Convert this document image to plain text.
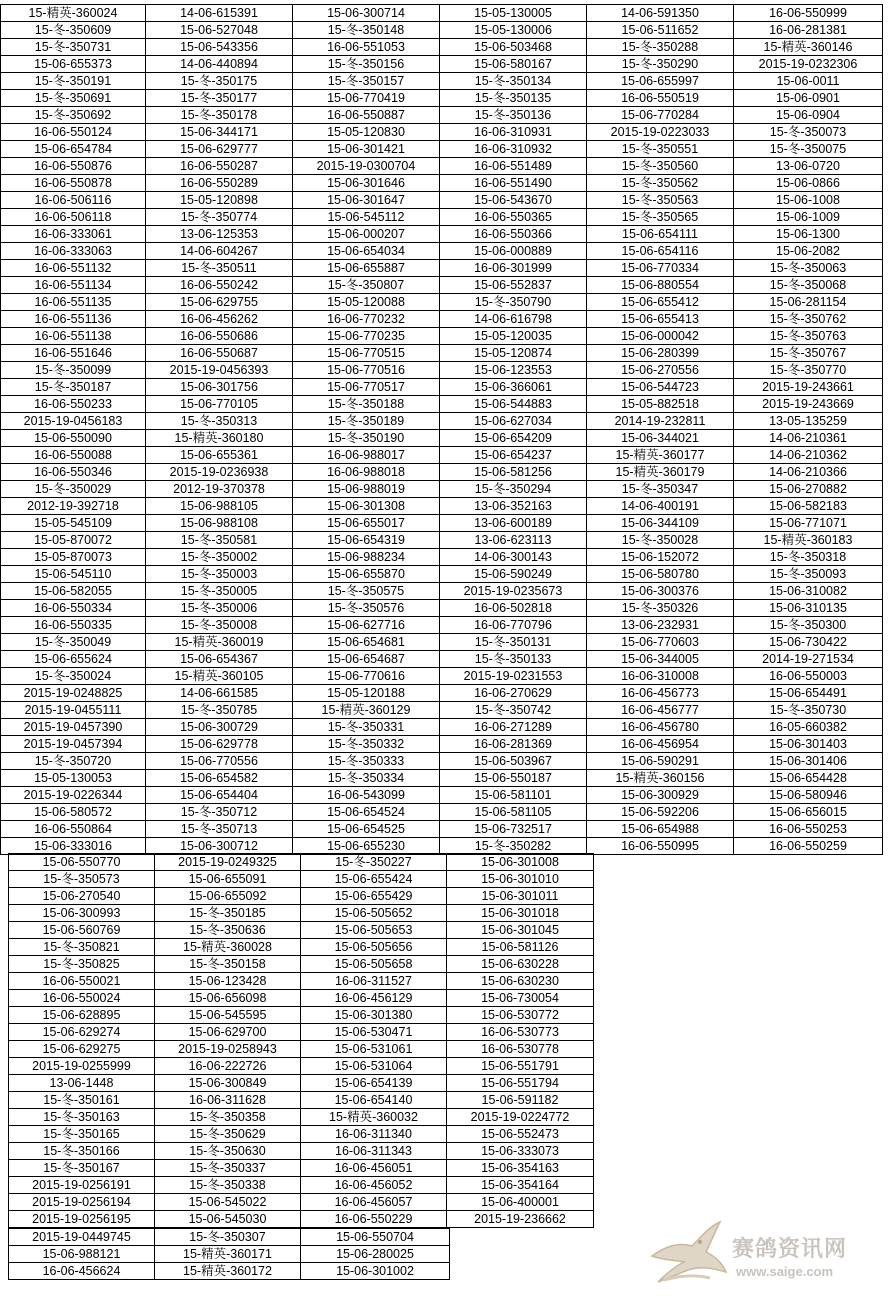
15-精英-360024	14-06-615391	15-06-300714	15-05-130005	14-06-591350	16-06-550999
15-冬-350609	15-06-527048	15-冬-350148	15-05-130006	15-06-511652	16-06-281381
15-冬-350731	15-06-543356	16-06-551053	15-06-503468	15-冬-350288	15-精英-360146
15-06-655373	14-06-440894	15-冬-350156	15-06-580167	15-冬-350290	2015-19-0232306
15-冬-350191	15-冬-350175	15-冬-350157	15-冬-350134	15-06-655997	15-06-0011
15-冬-350691	15-冬-350177	15-06-770419	15-冬-350135	16-06-550519	15-06-0901
15-冬-350692	15-冬-350178	16-06-550887	15-冬-350136	15-06-770284	15-06-0904
16-06-550124	15-06-344171	15-05-120830	16-06-310931	2015-19-0223033	15-冬-350073
15-06-654784	15-06-629777	15-06-301421	16-06-310932	15-冬-350551	15-冬-350075
16-06-550876	16-06-550287	2015-19-0300704	16-06-551489	15-冬-350560	13-06-0720
16-06-550878	16-06-550289	15-06-301646	16-06-551490	15-冬-350562	15-06-0866
16-06-506116	15-05-120898	15-06-301647	15-06-543670	15-冬-350563	15-06-1008
16-06-506118	15-冬-350774	15-06-545112	16-06-550365	15-冬-350565	15-06-1009
16-06-333061	13-06-125353	15-06-000207	16-06-550366	15-06-654111	15-06-1300
16-06-333063	14-06-604267	15-06-654034	15-06-000889	15-06-654116	15-06-2082
16-06-551132	15-冬-350511	15-06-655887	16-06-301999	15-06-770334	15-冬-350063
16-06-551134	16-06-550242	15-冬-350807	15-06-552837	15-06-880554	15-冬-350068
16-06-551135	15-06-629755	15-05-120088	15-冬-350790	15-06-655412	15-06-281154
16-06-551136	16-06-456262	16-06-770232	14-06-616798	15-06-655413	15-冬-350762
16-06-551138	16-06-550686	15-06-770235	15-05-120035	15-06-000042	15-冬-350763
16-06-551646	16-06-550687	15-06-770515	15-05-120874	15-06-280399	15-冬-350767
15-冬-350099	2015-19-0456393	15-06-770516	15-06-123553	15-06-270556	15-冬-350770
15-冬-350187	15-06-301756	15-06-770517	15-06-366061	15-06-544723	2015-19-243661
16-06-550233	15-06-770105	15-冬-350188	15-06-544883	15-05-882518	2015-19-243669
2015-19-0456183	15-冬-350313	15-冬-350189	15-06-627034	2014-19-232811	13-05-135259
15-06-550090	15-精英-360180	15-冬-350190	15-06-654209	15-06-344021	14-06-210361
16-06-550088	15-06-655361	16-06-988017	15-06-654237	15-精英-360177	14-06-210362
16-06-550346	2015-19-0236938	16-06-988018	15-06-581256	15-精英-360179	14-06-210366
15-冬-350029	2012-19-370378	15-06-988019	15-冬-350294	15-冬-350347	15-06-270882
2012-19-392718	15-06-988105	15-06-301308	13-06-352163	14-06-400191	15-06-582183
15-05-545109	15-06-988108	15-06-655017	13-06-600189	15-06-344109	15-06-771071
15-05-870072	15-冬-350581	15-06-654319	13-06-623113	15-冬-350028	15-精英-360183
15-05-870073	15-冬-350002	15-06-988234	14-06-300143	15-06-152072	15-冬-350318
15-06-545110	15-冬-350003	15-06-655870	15-06-590249	15-06-580780	15-冬-350093
15-06-582055	15-冬-350005	15-冬-350575	2015-19-0235673	15-06-300376	15-06-310082
16-06-550334	15-冬-350006	15-冬-350576	16-06-502818	15-冬-350326	15-06-310135
16-06-550335	15-冬-350008	15-06-627716	16-06-770796	13-06-232931	15-冬-350300
15-冬-350049	15-精英-360019	15-06-654681	15-冬-350131	15-06-770603	15-06-730422
15-06-655624	15-06-654367	15-06-654687	15-冬-350133	15-06-344005	2014-19-271534
15-冬-350024	15-精英-360105	15-06-770616	2015-19-0231553	16-06-310008	16-06-550003
2015-19-0248825	14-06-661585	15-05-120188	16-06-270629	16-06-456773	15-06-654491
2015-19-0455111	15-冬-350785	15-精英-360129	15-冬-350742	16-06-456777	15-冬-350730
2015-19-0457390	15-06-300729	15-冬-350331	16-06-271289	16-06-456780	16-05-660382
2015-19-0457394	15-06-629778	15-冬-350332	16-06-281369	16-06-456954	15-06-301403
15-冬-350720	15-06-770556	15-冬-350333	15-06-503967	15-06-590291	15-06-301406
15-05-130053	15-06-654582	15-冬-350334	15-06-550187	15-精英-360156	15-06-654428
2015-19-0226344	15-06-654404	16-06-543099	15-06-581101	15-06-300929	15-06-580946
15-06-580572	15-冬-350712	15-06-654524	15-06-581105	15-06-592206	15-06-656015
16-06-550864	15-冬-350713	15-06-654525	15-06-732517	15-06-654988	16-06-550253
15-06-333016	15-06-300712	15-06-655230	15-冬-350282	16-06-550995	16-06-550259
15-06-550770	2015-19-0249325	15-冬-350227	15-06-301008
15-冬-350573	15-06-655091	15-06-655424	15-06-301010
15-06-270540	15-06-655092	15-06-655429	15-06-301011
15-06-300993	15-冬-350185	15-06-505652	15-06-301018
15-06-560769	15-冬-350636	15-06-505653	15-06-301045
15-冬-350821	15-精英-360028	15-06-505656	15-06-581126
15-冬-350825	15-冬-350158	15-06-505658	15-06-630228
16-06-550021	15-06-123428	16-06-311527	15-06-630230
16-06-550024	15-06-656098	16-06-456129	15-06-730054
15-06-628895	15-06-545595	15-06-301380	15-06-530772
15-06-629274	15-06-629700	15-06-530471	16-06-530773
15-06-629275	2015-19-0258943	15-06-531061	16-06-530778
2015-19-0255999	16-06-222726	15-06-531064	15-06-551791
13-06-1448	15-06-300849	15-06-654139	15-06-551794
15-冬-350161	16-06-311628	15-06-654140	15-06-591182
15-冬-350163	15-冬-350358	15-精英-360032	2015-19-0224772
15-冬-350165	15-冬-350629	16-06-311340	15-06-552473
15-冬-350166	15-冬-350630	16-06-311343	15-06-333073
15-冬-350167	15-冬-350337	16-06-456051	15-06-354163
2015-19-0256191	15-冬-350338	16-06-456052	15-06-354164
2015-19-0256194	15-06-545022	16-06-456057	15-06-400001
2015-19-0256195	15-06-545030	16-06-550229	2015-19-236662
2015-19-0449745	15-冬-350307	15-06-550704
15-06-988121	15-精英-360171	15-06-280025
16-06-456624	15-精英-360172	15-06-301002
赛鸽资讯网
www.saige.com
